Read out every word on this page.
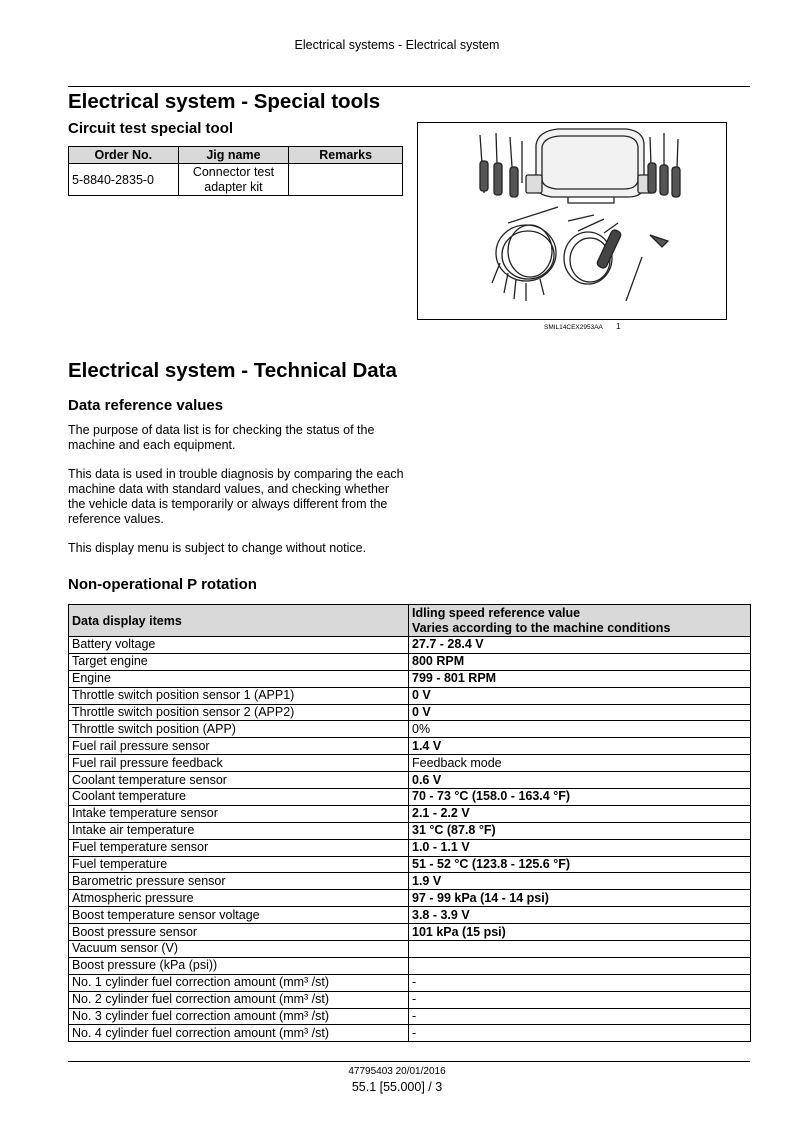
Electrical systems - Electrical system
Electrical system - Special tools
Circuit test special tool
Order No.	Jig name	Remarks
5-8840-2835-0	Connector test adapter kit	
SMIL14CEX2953AA 1
Electrical system - Technical Data
Data reference values

The purpose of data list is for checking the status of the machine and each equipment.

This data is used in trouble diagnosis by comparing the each machine data with standard values, and checking whether the vehicle data is temporarily or always different from the reference values.

This display menu is subject to change without notice.

Non-operational P rotation
Data display items	Idling speed reference value
Varies according to the machine conditions

Battery voltage	27.7 - 28.4 V
Target engine	800 RPM
Engine	799 - 801 RPM
Throttle switch position sensor 1 (APP1)	0 V
Throttle switch position sensor 2 (APP2)	0 V
Throttle switch position (APP)	0%
Fuel rail pressure sensor	1.4 V
Fuel rail pressure feedback	Feedback mode
Coolant temperature sensor	0.6 V
Coolant temperature	70 - 73 °C (158.0 - 163.4 °F)
Intake temperature sensor	2.1 - 2.2 V
Intake air temperature	31 °C (87.8 °F)
Fuel temperature sensor	1.0 - 1.1 V
Fuel temperature	51 - 52 °C (123.8 - 125.6 °F)
Barometric pressure sensor	1.9 V
Atmospheric pressure	97 - 99 kPa (14 - 14 psi)
Boost temperature sensor voltage	3.8 - 3.9 V
Boost pressure sensor	101 kPa (15 psi)
Vacuum sensor (V)	
Boost pressure (kPa (psi))	
No. 1 cylinder fuel correction amount (mm³ /st)	-
No. 2 cylinder fuel correction amount (mm³ /st)	-
No. 3 cylinder fuel correction amount (mm³ /st)	-
No. 4 cylinder fuel correction amount (mm³ /st)	-
47795403 20/01/2016
55.1 [55.000] / 3
